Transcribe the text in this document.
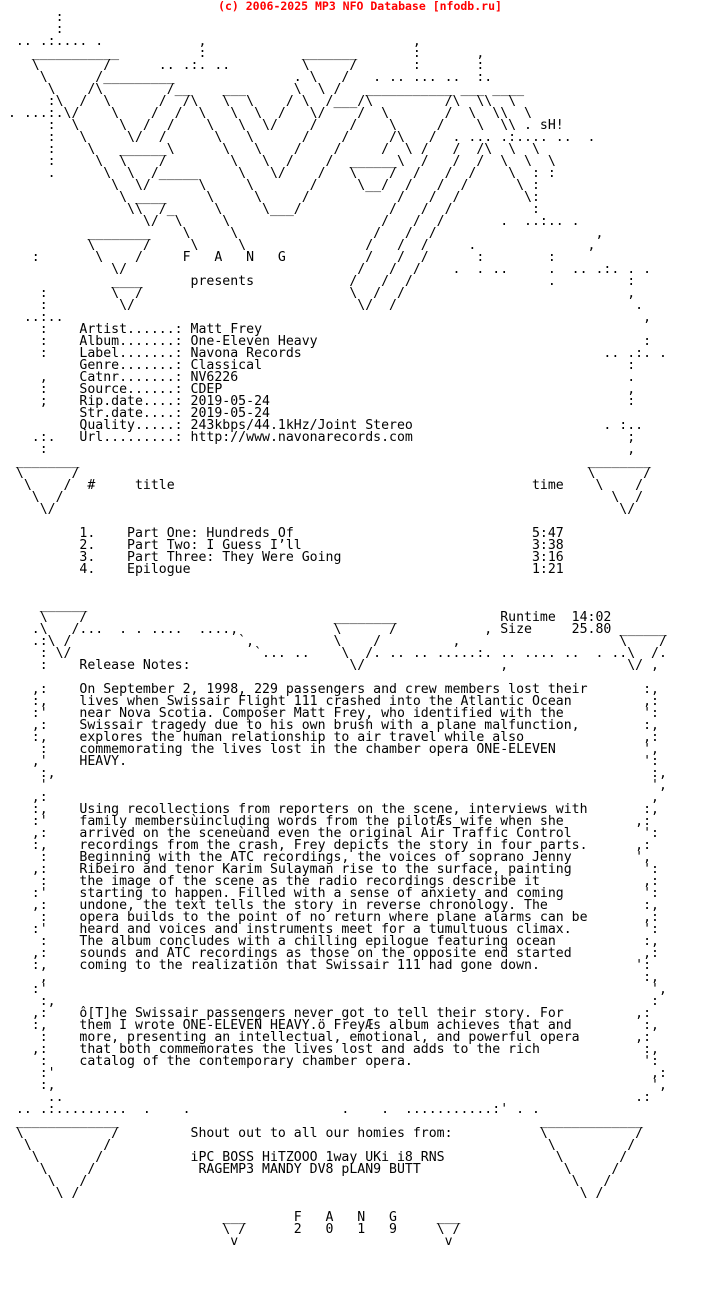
(c) 2006-2025 MP3 NFO Database [nfodb.ru]
:
:
.. .:.... .            ,                          ,
___________          :            _______       :       ,
\        /      .. .:. ..         \     /       :       :
\      /_________               . \   /   . .. ... ..  :.
\    /\        /__    ___      \  \ /   ___________ ___ ____
:\  /  \      /  /\   \  \    / \  /___/\         /\  \\  \
. ...:.\/    \    /  /  \   \  \  /   \/    /  \       /  \  \\  \
:  \     \  /  /    \   \  \/    /    /    \     /    \  \\ . sH!
:   \     \/  /      \   \      /    /     /\   /  . ... .:.... ..  .
:    \   ______\      \   \    /    /     /  \ /   /  /\  \  \
:     \  \    /        \   \  /    /  ______\  /   /  /  \  \  \
.      \  \  /_____     \   \/    /   \    /  /   /  /    \  : :
\  \/      \     \       /     \__/  /   /  /      \ :
\ ____     \     \     /           /   /  /        \:
\\  /_     \     \___/           /   /  /          :
\/  \     \                   /   /  /       .  ..:.. .
________    \     \                 /   /  /                    ,
\      /     \     \               /   /  /     .              ,
:       \    /     F   A   N   G          /   /  /      :        :
\/                             /   /  /    .  . ..     .  .. .:. . .
____      presents            /   /  /                 .         :
:        \  /                          \  /  /                            ,
:         \/                            \/  /                              .
..:..                                                                         ,
:    Artist......: Matt Frey
:    Album.......: One-Eleven Heavy                                         :
:    Label.......: Navona Records                                      .. .:. .
Genre.......: Classical                                              :
,    Catnr.......: NV6226                                                 .
:    Source......: CDEP                                                   ,
;    Rip.date....: 2019-05-24                                             :
Str.date....: 2019-05-24
Quality.....: 243kbps/44.1kHz/Joint Stereo                        . :..
.:.   Url.........: http://www.navonarecords.com                           ;
:                                                                         ,
________                                                                ________
\      /                                                                \      /
\    /  #     title                                             time    \    /
\  /                                                                     \  /
\/                                                                       \/

1.    Part One: Hundreds Of                              5:47
2.    Part Two: I Guess I’ll                             3:38
3.    Part Three: They Were Going                        3:16
4.    Epilogue                                           1:21

______
\    /                               ________             Runtime  14:02
.\   /...  . . ....  ....,            \      /           , Size     25.80 ______
.:\ /                     `,          \    /         ,                    \    /
: \/                       `... ..    \  /. .. .. .....:. .. .... ..  . ..\  /.
:    Release Notes:                    \/                 ,               \/ ,

,:    On September 2, 1998, 229 passengers and crew members lost their       :,
:,    lives when Swissair Flight 111 crashed into the Atlantic Ocean         ,:
:'    near Nova Scotia. Composer Matt Frey, who identified with the          ':
,:    Swissair tragedy due to his own brush with a plane malfunction,        :,
:,    explores the human relationship to air travel while also               ,:
:    commemorating the lives lost in the chamber opera ONE-ELEVEN           ',
,'    HEAVY.                                                                 ':
:,                                                                           :,
'                                                                            ',
,:                                                                            ,
:,    Using recollections from reporters on the scene, interviews with       :,
:'    family membersùincluding words from the pilotÆs wife when she         ,:
,:    arrived on the sceneùand even the original Air Traffic Control         ':
:,    recordings from the crash, Frey depicts the story in four parts.      ,:
:    Beginning with the ATC recordings, the voices of soprano Jenny        ',
,:    Ribeiro and tenor Karim Sulayman rise to the surface, painting         ':
:    the image of the scene as the radio recordings describe it             ,:
:'    starting to happen. Filled with a sense of anxiety and coming          ':
,:    undone, the text tells the story in reverse chronology. The            :,
:    opera builds to the point of no return where plane alarms can be       ,:
:'    heard and voices and instruments meet for a tumultuous climax.         ':
:    The album concludes with a chilling epilogue featuring ocean           :,
,:    sounds and ATC recordings as those on the opposite end started         ,:
:,    coming to the realization that Swissair 111 had gone down.            ':
,                                                                           :,
:'                                                                            ',
:,                                                                           :
,:    ô[T]he Swissair passengers never got to tell their story. For         ,:
:,    them I wrote ONE-ELEVEN HEAVY.ö FreyÆs album achieves that and         :,
:    more, presenting an intellectual, emotional, and powerful opera       ,:
,:    that both commemorates the lives lost and adds to the rich             :,
:    catalog of the contemporary chamber opera.                             ':
:'                                                                           ,:
:,                                                                           ',
..                                                                        .:
.. .:.........  .    .                   .    .  ...........:' . .
_____________                                                     _____________
\           /         Shout out to all our homies from:           \           /
\         /                                                       \         /
\       /           iPC BOSS HiTZOOO 1way UKi i8 RNS              \       /
\     /             RAGEMP3 MANDY DV8 pLAN9 BUTT                  \     /
\   /                                                             \   /
\ /                                                               \ /

___      F   A   N   G     ___
\ /      2   0   1   9     \ /
v                          v
